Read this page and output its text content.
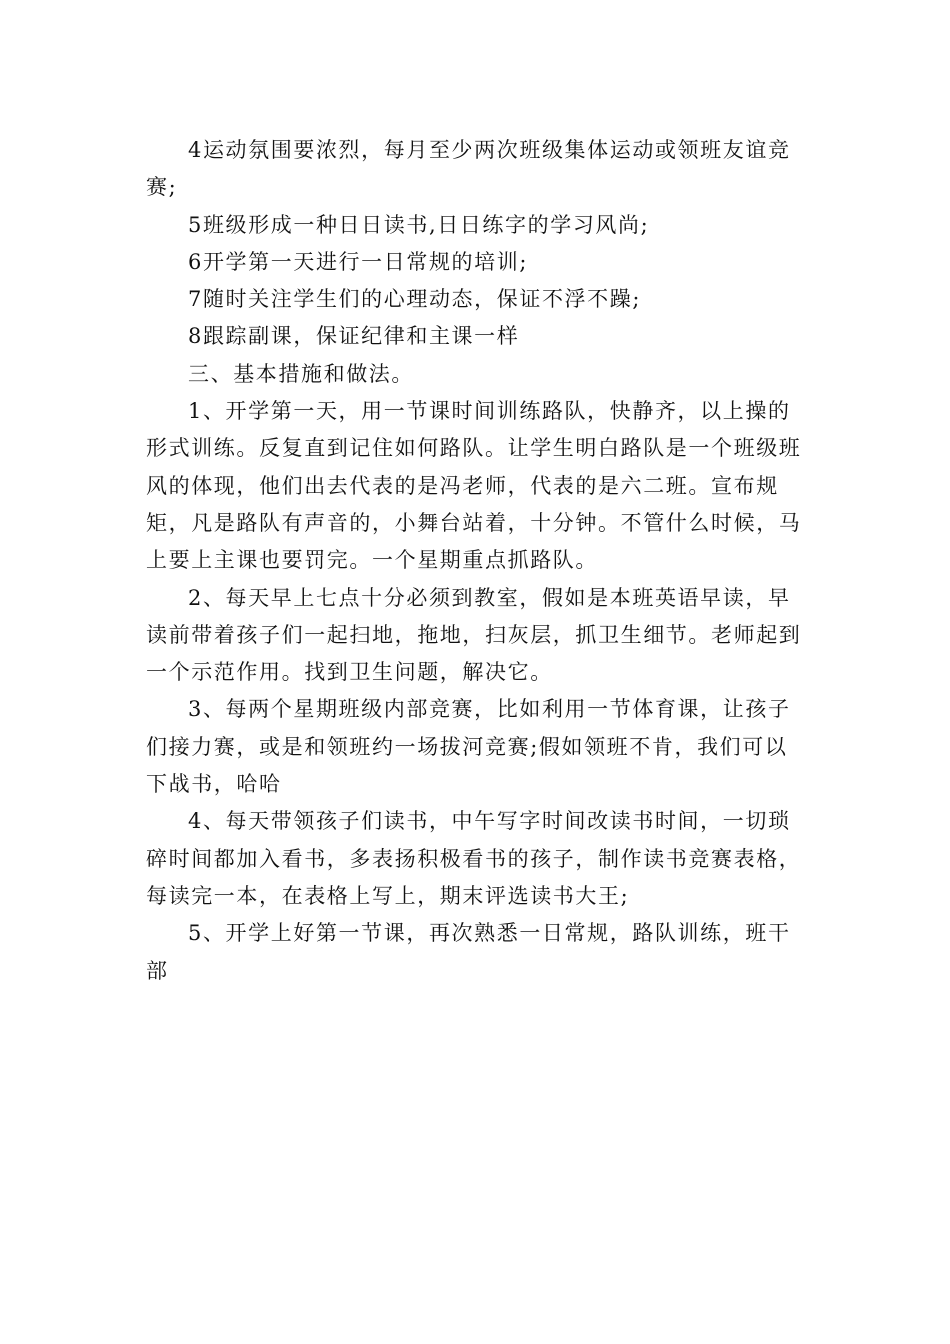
4运动氛围要浓烈，每月至少两次班级集体运动或领班友谊竞赛;

5班级形成一种日日读书,日日练字的学习风尚;

6开学第一天进行一日常规的培训;

7随时关注学生们的心理动态，保证不浮不躁;

8跟踪副课，保证纪律和主课一样

三、基本措施和做法。

1、开学第一天，用一节课时间训练路队，快静齐，以上操的形式训练。反复直到记住如何路队。让学生明白路队是一个班级班风的体现，他们出去代表的是冯老师，代表的是六二班。宣布规矩，凡是路队有声音的，小舞台站着，十分钟。不管什么时候，马上要上主课也要罚完。一个星期重点抓路队。

2、每天早上七点十分必须到教室，假如是本班英语早读，早读前带着孩子们一起扫地，拖地，扫灰层，抓卫生细节。老师起到一个示范作用。找到卫生问题，解决它。

3、每两个星期班级内部竞赛，比如利用一节体育课，让孩子们接力赛，或是和领班约一场拔河竞赛;假如领班不肯，我们可以下战书，哈哈

4、每天带领孩子们读书，中午写字时间改读书时间，一切琐碎时间都加入看书，多表扬积极看书的孩子，制作读书竞赛表格，每读完一本，在表格上写上，期末评选读书大王;

5、开学上好第一节课，再次熟悉一日常规，路队训练，班干部
